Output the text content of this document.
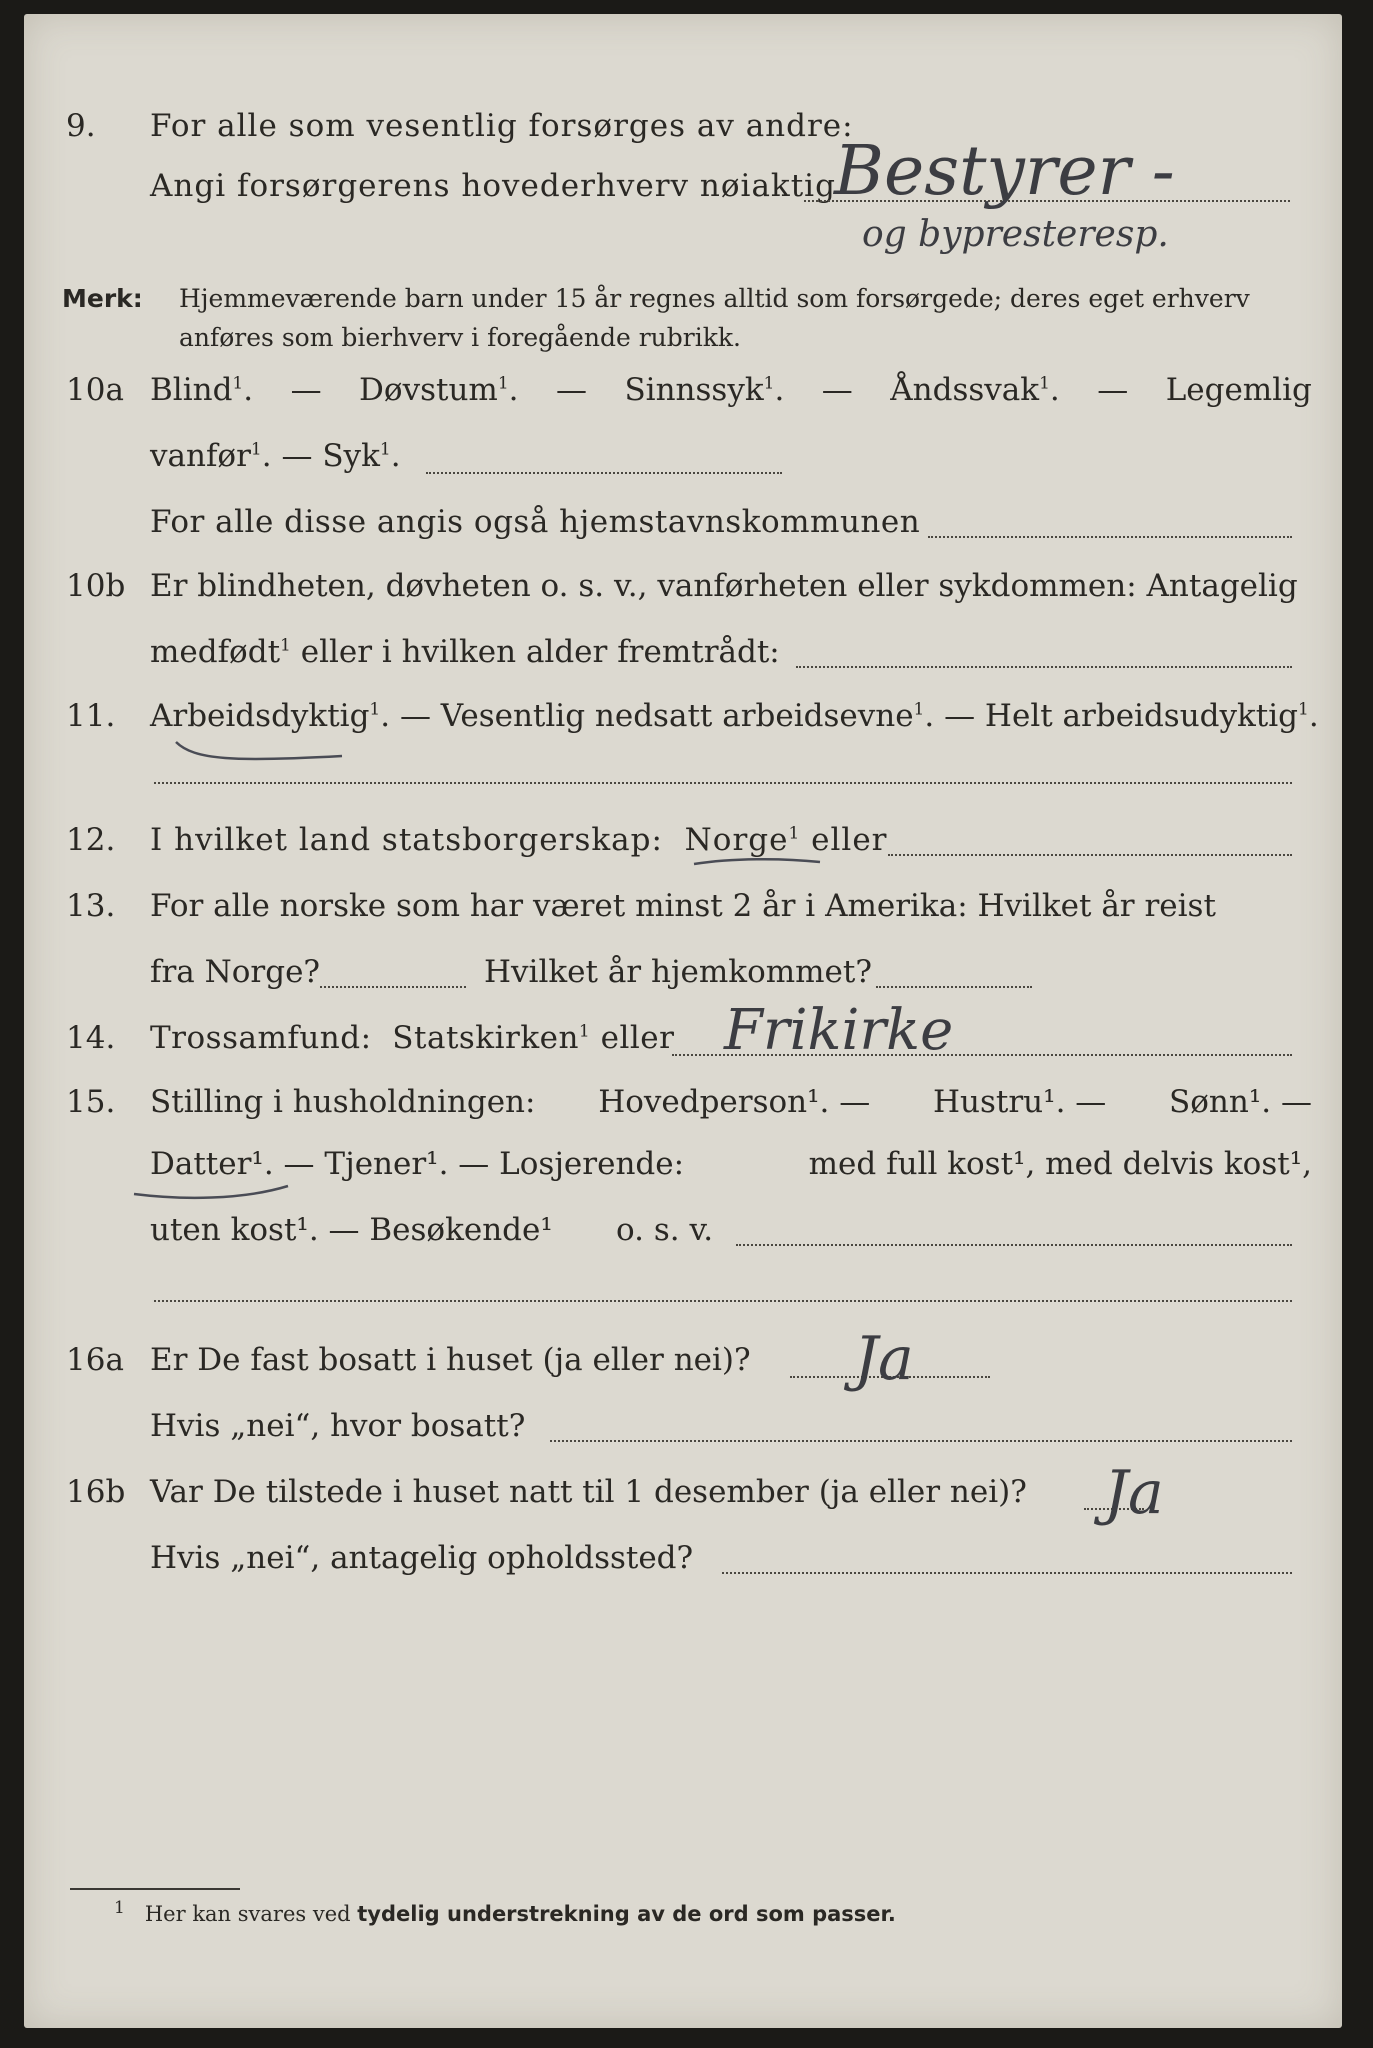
9. For alle som vesentlig forsørges av andre:
Angi forsørgerens hovederhverv nøiaktig
Bestyrer -
og bypresteresp.
Merk: Hjemmeværende barn under 15 år regnes alltid som forsørgede; deres eget erhverv
anføres som bierhverv i foregående rubrikk.
10a Blind$^1$. — Døvstum$^1$. — Sinnssyk$^1$. — Åndssvak$^1$. — Legemlig
vanfør$^1$. — Syk$^1$.
For alle disse angis også hjemstavnskommunen
10b Er blindheten, døvheten o. s. v., vanførheten eller sykdommen: Antagelig
medfødt$^1$ eller i hvilken alder fremtrådt:
11. Arbeidsdyktig$^1$. — Vesentlig nedsatt arbeidsevne$^1$. — Helt arbeidsudyktig$^1$.
12. I hvilket land statsborgerskap: Norge$^1$ eller
13. For alle norske som har været minst 2 år i Amerika: Hvilket år reist
fra Norge?	Hvilket år hjemkommet?
14. Trossamfund: Statskirken$^1$ eller Frikirke
15. Stilling i husholdningen: Hovedperson¹. — Hustru¹. — Sønn¹. —
Datter¹. — Tjener¹. — Losjerende:	med full kost¹, med delvis kost¹,
uten kost¹. — Besøkende¹ o. s. v.
16a Er De fast bosatt i huset (ja eller nei)? Ja
Hvis „nei“, hvor bosatt?
16b Var De tilstede i huset natt til 1 desember (ja eller nei)? Ja
Hvis „nei“, antagelig opholdssted?
$^1$ Her kan svares ved tydelig understrekning av de ord som passer.
